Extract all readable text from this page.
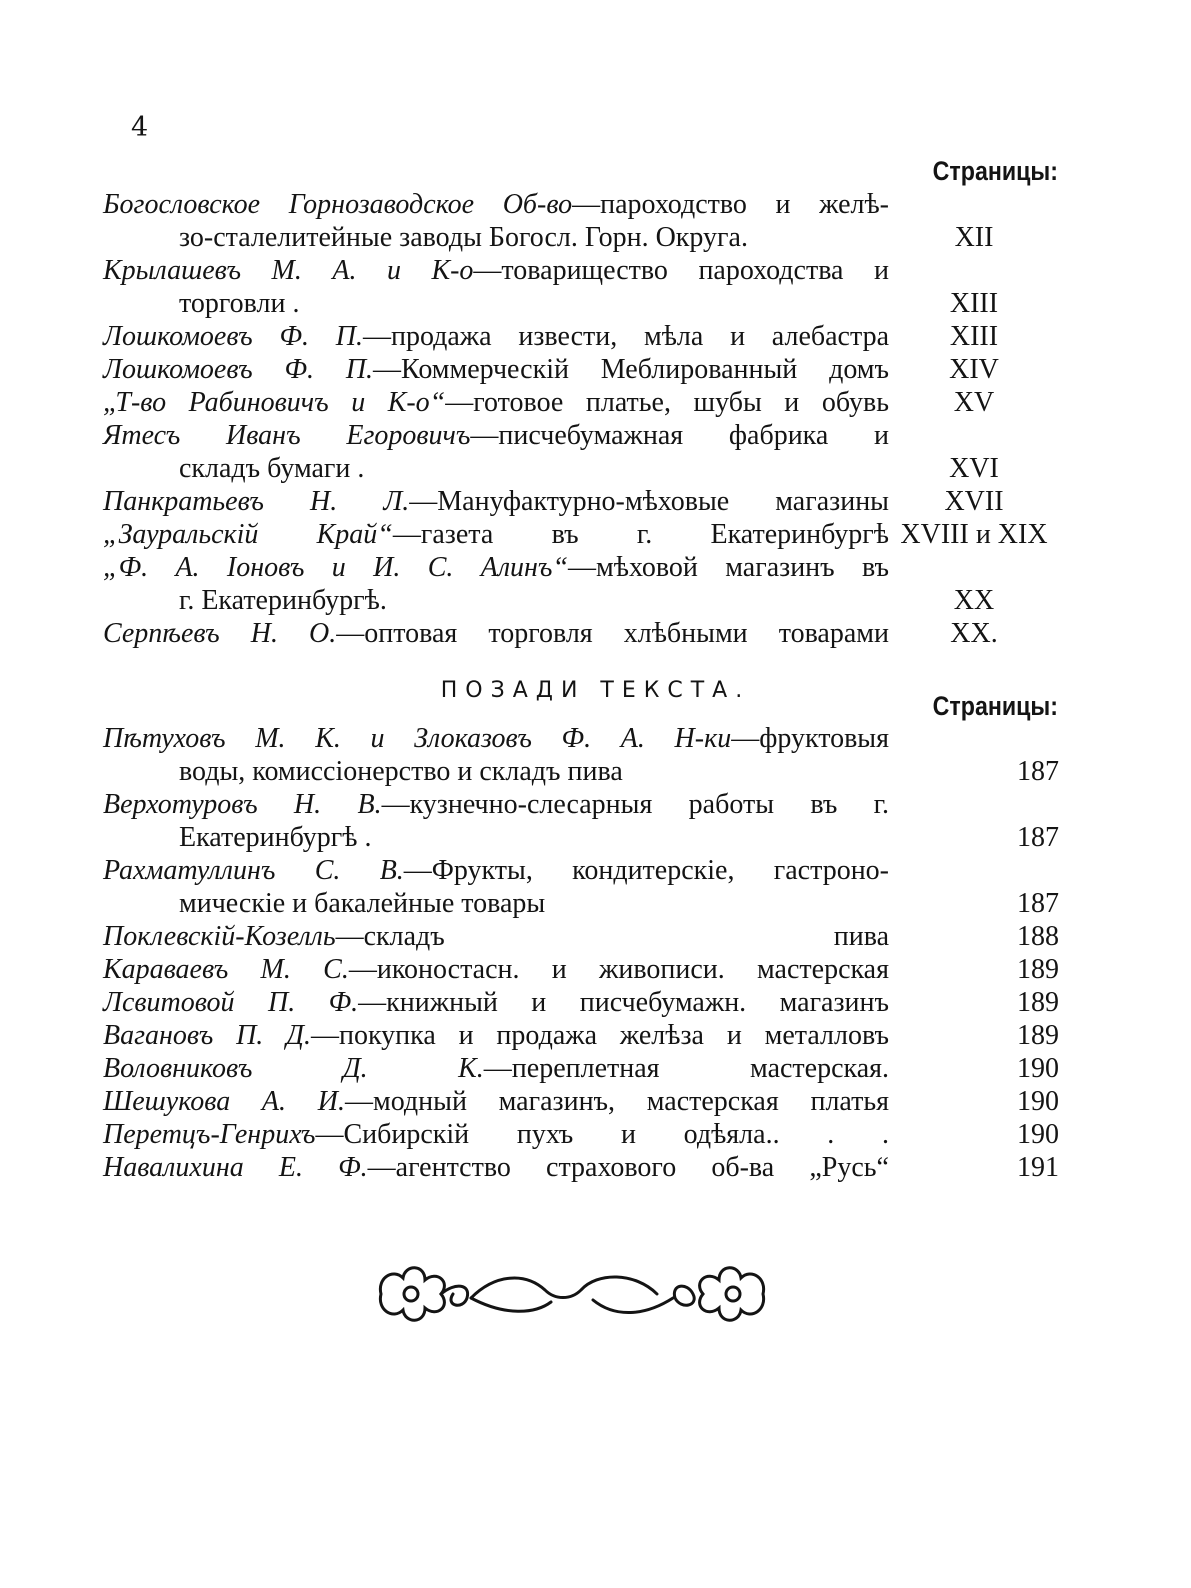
4
Страницы:
Богословское Горнозаводское Об-во—пароходство и желѣ-
зо-сталелитейные заводы Богосл. Горн. Округа.	XII
Крылашевъ М. А. и К-о—товарищество пароходства и
торговли .	XIII
Лошкомоевъ Ф. П.—продажа извести, мѣла и алебастра	XIII
Лошкомоевъ Ф. П.—Коммерческій Меблированный домъ	XIV
„Т-во Рабиновичъ и К-о“—готовое платье, шубы и обувь	XV
Ятесъ Иванъ Егоровичъ—писчебумажная фабрика и
складъ бумаги .	XVI
Панкратьевъ Н. Л.—Мануфактурно-мѣховые магазины	XVII
„Зауральскій Край“—газета въ г. Екатеринбургѣ XVIII и XIX
„Ф. А. Іоновъ и И. С. Алинъ“—мѣховой магазинъ въ
г. Екатеринбургѣ.	XX
Серпѣевъ Н. О.—оптовая торговля хлѣбными товарами	XX.
ПОЗАДИ ТЕКСТА.
Страницы:
Пѣтуховъ М. К. и Злоказовъ Ф. А. Н-ки—фруктовыя
воды, комиссіонерство и складъ пива	187
Верхотуровъ Н. В.—кузнечно-слесарныя работы въ г.
Екатеринбургѣ .	187
Рахматуллинъ С. В.—Фрукты, кондитерскіе, гастроно-
мическіе и бакалейные товары	187
Поклевскій-Козелль—складъ пива	188
Караваевъ М. С.—иконостасн. и живописи. мастерская	189
Лсвитовой П. Ф.—книжный и писчебумажн. магазинъ	189
Вагановъ П. Д.—покупка и продажа желѣза и металловъ	189
Воловниковъ Д. К.—переплетная мастерская.	190
Шешукова А. И.—модный магазинъ, мастерская платья	190
Перетцъ-Генрихъ—Сибирскій пухъ и одѣяла.. . .	190
Навалихина Е. Ф.—агентство страхового об-ва „Русь“	191
